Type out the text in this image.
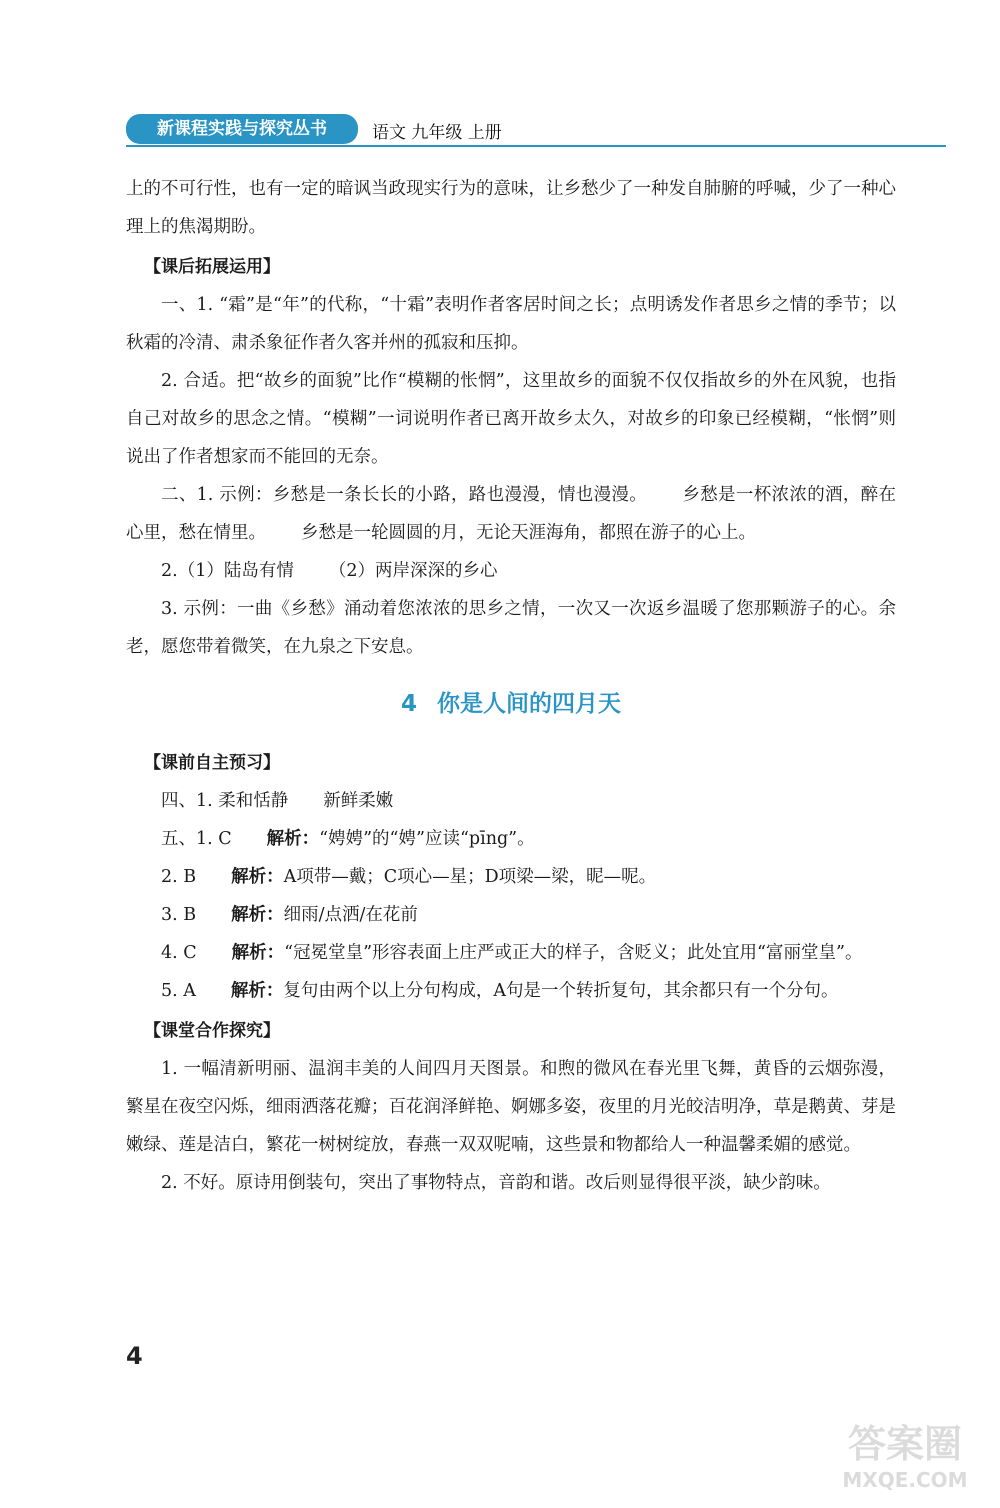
新课程实践与探究丛书	语文 九年级 上册

上的不可行性，也有一定的暗讽当政现实行为的意味，让乡愁少了一种发自肺腑的呼喊，少了一种心理上的焦渴期盼。

【课后拓展运用】

一、1. “霜”是“年”的代称，“十霜”表明作者客居时间之长；点明诱发作者思乡之情的季节；以秋霜的冷清、肃杀象征作者久客并州的孤寂和压抑。

2. 合适。把“故乡的面貌”比作“模糊的怅惘”，这里故乡的面貌不仅仅指故乡的外在风貌，也指自己对故乡的思念之情。“模糊”一词说明作者已离开故乡太久，对故乡的印象已经模糊，“怅惘”则说出了作者想家而不能回的无奈。

二、1. 示例：乡愁是一条长长的小路，路也漫漫，情也漫漫。 乡愁是一杯浓浓的酒，醉在心里，愁在情里。 乡愁是一轮圆圆的月，无论天涯海角，都照在游子的心上。

2.（1）陆岛有情 （2）两岸深深的乡心

3. 示例：一曲《乡愁》涌动着您浓浓的思乡之情，一次又一次返乡温暖了您那颗游子的心。余老，愿您带着微笑，在九泉之下安息。

4 你是人间的四月天

【课前自主预习】

四、1. 柔和恬静 新鲜柔嫩

五、1. C 解析：“娉娉”的“娉”应读“pīng”。

2. B 解析：A项带—戴；C项心—星；D项梁—梁，昵—呢。

3. B 解析：细雨/点洒/在花前

4. C 解析：“冠冕堂皇”形容表面上庄严或正大的样子，含贬义；此处宜用“富丽堂皇”。

5. A 解析：复句由两个以上分句构成，A句是一个转折复句，其余都只有一个分句。

【课堂合作探究】

1. 一幅清新明丽、温润丰美的人间四月天图景。和煦的微风在春光里飞舞，黄昏的云烟弥漫，繁星在夜空闪烁，细雨洒落花瓣；百花润泽鲜艳、婀娜多姿，夜里的月光皎洁明净，草是鹅黄、芽是嫩绿、莲是洁白，繁花一树树绽放，春燕一双双呢喃，这些景和物都给人一种温馨柔媚的感觉。

2. 不好。原诗用倒装句，突出了事物特点，音韵和谐。改后则显得很平淡，缺少韵味。

4
答案圈
MXQE.COM
